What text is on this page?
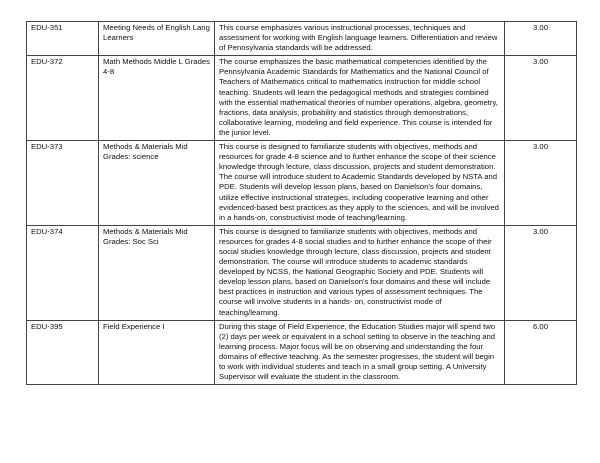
EDU-351	Meeting Needs of English Lang Learners	This course emphasizes various instructional processes, techniques and assessment for working with English language learners. Differentiation and review of Pennsylvania standards will be addressed.	3.00
EDU-372	Math Methods Middle L Grades 4-8	The course emphasizes the basic mathematical competencies identified by the Pennsylvania Academic Standards for Mathematics and the National Council of Teachers of Mathematics critical to mathematics instruction for middle school teaching. Students will learn the pedagogical methods and strategies combined with the essential mathematical theories of number operations, algebra, geometry, fractions, data analysis, probability and statistics through demonstrations, collaborative learning, modeling and field experience. This course is intended for the junior level.	3.00
EDU-373	Methods & Materials Mid Grades: science	This course is designed to familiarize students with objectives, methods and resources for grade 4-8 science and to further enhance the scope of their science knowledge through lecture, class discussion, projects and student demonstration. The course will introduce student to Academic Standards developed by NSTA and PDE. Students will develop lesson plans, based on Danielson's four domains, utilize effective instructional strategies, including cooperative learning and other evidenced-based best practices as they apply to the sciences, and will be involved in a hands-on, constructivist mode of teaching/learning.	3.00
EDU-374	Methods & Materials Mid Grades: Soc Sci	This course is designed to familiarize students with objectives, methods and resources for grades 4-8 social studies and to further enhance the scope of their social studies knowledge through lecture, class discussion, projects and student demonstration. The course will introduce students to academic standards developed by NCSS, the National Geographic Society and PDE. Students will develop lesson plans, based on Danielson's four domains and these will include best practices in instruction and various types of assessment techniques. The course will involve students in a hands- on, constructivist mode of teaching/learning.	3.00
EDU-395	Field Experience I	During this stage of Field Experience, the Education Studies major will spend two (2) days per week or equivalent in a school setting to observe in the teaching and learning process. Major focus will be on observing and understanding the four domains of effective teaching. As the semester progresses, the student will begin to work with individual students and teach in a small group setting. A University Supervisor will evaluate the student in the classroom.	6.00
